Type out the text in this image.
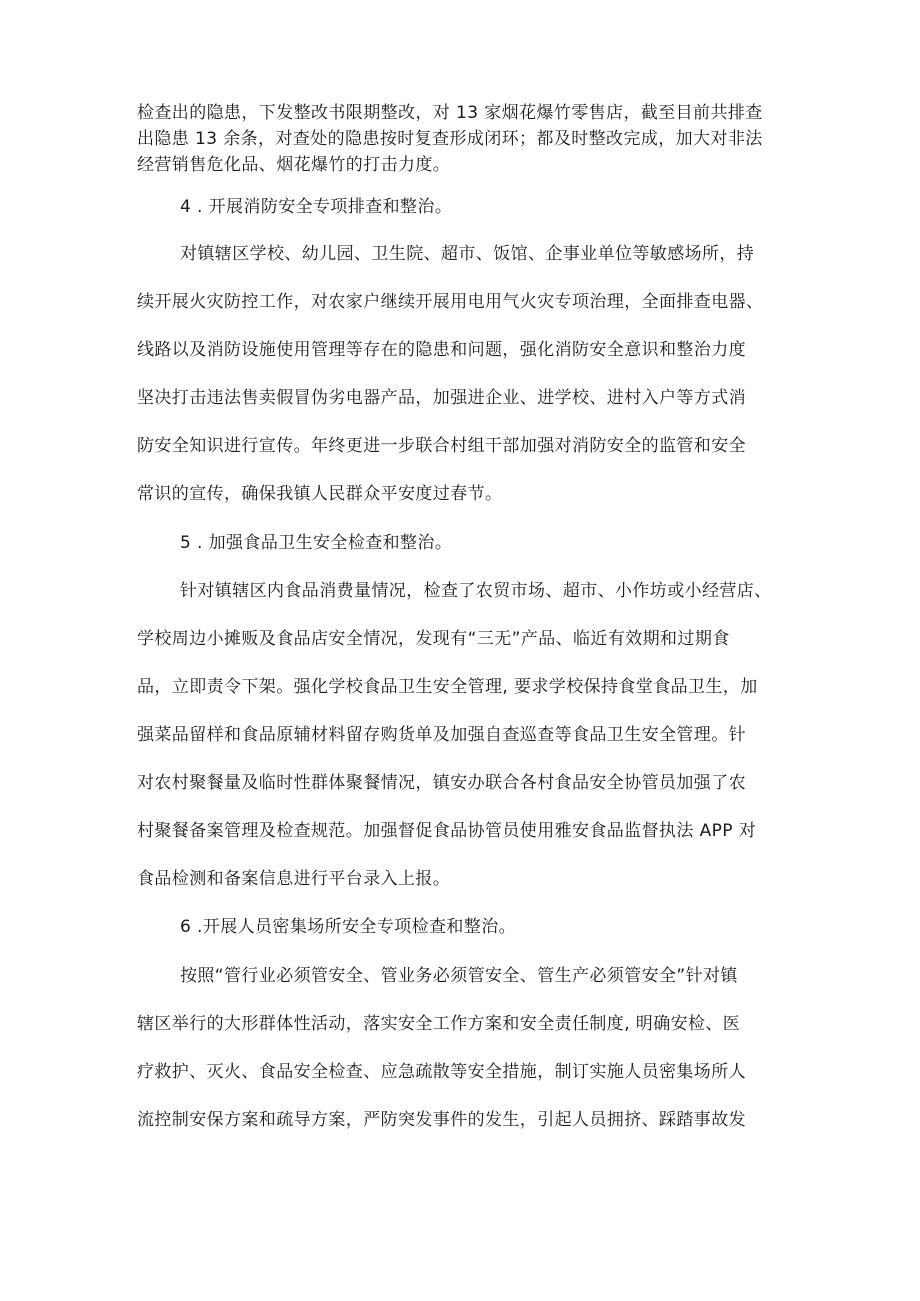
检查出的隐患，下发整改书限期整改，对 13 家烟花爆竹零售店，截至目前共排查
出隐患 13 余条，对查处的隐患按时复查形成闭环；都及时整改完成，加大对非法
经营销售危化品、烟花爆竹的打击力度。
4 . 开展消防安全专项排查和整治。
对镇辖区学校、幼儿园、卫生院、超市、饭馆、企事业单位等敏感场所，持
续开展火灾防控工作，对农家户继续开展用电用气火灾专项治理，全面排查电器、
线路以及消防设施使用管理等存在的隐患和问题，强化消防安全意识和整治力度
坚决打击违法售卖假冒伪劣电器产品，加强进企业、进学校、进村入户等方式消
防安全知识进行宣传。年终更进一步联合村组干部加强对消防安全的监管和安全
常识的宣传，确保我镇人民群众平安度过春节。
5 . 加强食品卫生安全检查和整治。
针对镇辖区内食品消费量情况，检查了农贸市场、超市、小作坊或小经营店、
学校周边小摊贩及食品店安全情况，发现有“三无”产品、临近有效期和过期食
品，立即责令下架。强化学校食品卫生安全管理, 要求学校保持食堂食品卫生，加
强菜品留样和食品原辅材料留存购货单及加强自查巡查等食品卫生安全管理。针
对农村聚餐量及临时性群体聚餐情况，镇安办联合各村食品安全协管员加强了农
村聚餐备案管理及检查规范。加强督促食品协管员使用雅安食品监督执法 APP 对
食品检测和备案信息进行平台录入上报。
6 .开展人员密集场所安全专项检查和整治。
按照“管行业必须管安全、管业务必须管安全、管生产必须管安全”针对镇
辖区举行的大形群体性活动，落实安全工作方案和安全责任制度, 明确安检、医
疗救护、灭火、食品安全检查、应急疏散等安全措施，制订实施人员密集场所人
流控制安保方案和疏导方案，严防突发事件的发生，引起人员拥挤、踩踏事故发
